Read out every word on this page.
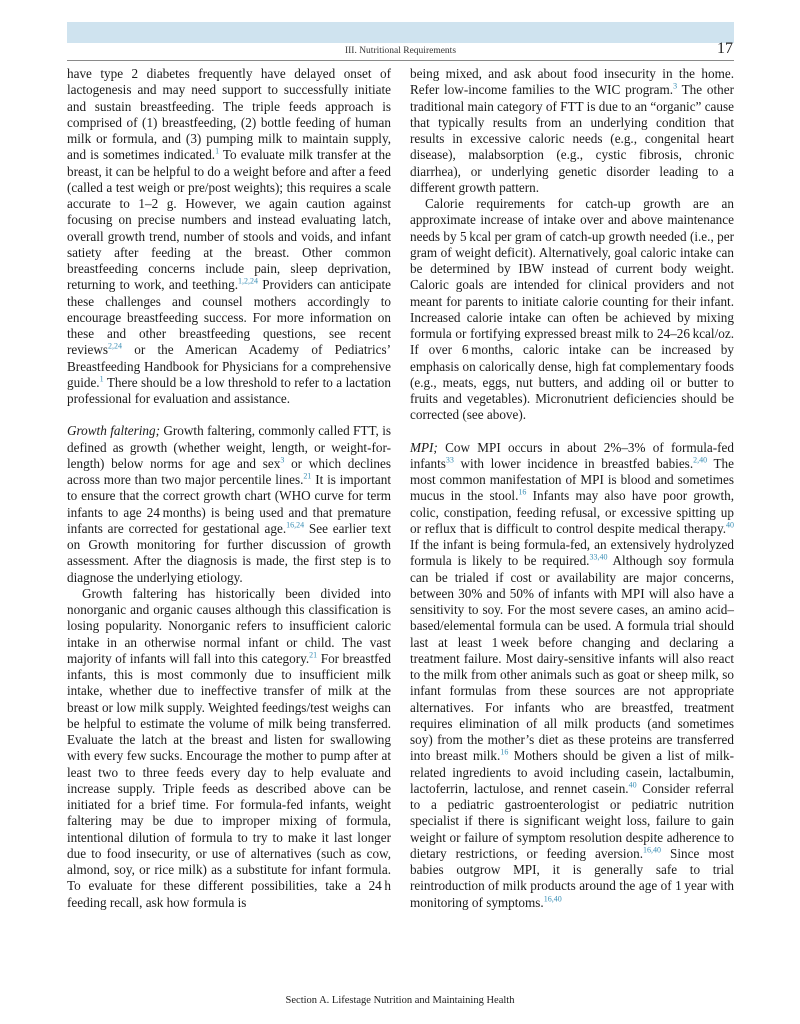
III. Nutritional Requirements	17

have type 2 diabetes frequently have delayed onset of lactogenesis and may need support to successfully initiate and sustain breastfeeding. The triple feeds approach is comprised of (1) breastfeeding, (2) bottle feeding of human milk or formula, and (3) pumping milk to maintain supply, and is sometimes indicated.$^1$ To evaluate milk transfer at the breast, it can be helpful to do a weight before and after a feed (called a test weigh or pre/post weights); this requires a scale accurate to 1–2 g. However, we again caution against focusing on precise numbers and instead evaluating latch, overall growth trend, number of stools and voids, and infant satiety after feeding at the breast. Other common breastfeeding concerns include pain, sleep deprivation, returning to work, and teething.$^{1,2,24}$ Providers can anticipate these challenges and counsel mothers accordingly to encourage breastfeeding success. For more information on these and other breastfeeding questions, see recent reviews$^{2,24}$ or the American Academy of Pediatrics’ Breastfeeding Handbook for Physicians for a comprehensive guide.$^1$ There should be a low threshold to refer to a lactation professional for evaluation and assistance.

Growth faltering; Growth faltering, commonly called FTT, is defined as growth (whether weight, length, or weight-for-length) below norms for age and sex$^3$ or which declines across more than two major percentile lines.$^{21}$ It is important to ensure that the correct growth chart (WHO curve for term infants to age 24 months) is being used and that premature infants are corrected for gestational age.$^{16,24}$ See earlier text on Growth monitoring for further discussion of growth assessment. After the diagnosis is made, the first step is to diagnose the underlying etiology.

Growth faltering has historically been divided into nonorganic and organic causes although this classification is losing popularity. Nonorganic refers to insufficient caloric intake in an otherwise normal infant or child. The vast majority of infants will fall into this category.$^{21}$ For breastfed infants, this is most commonly due to insufficient milk intake, whether due to ineffective transfer of milk at the breast or low milk supply. Weighted feedings/test weighs can be helpful to estimate the volume of milk being transferred. Evaluate the latch at the breast and listen for swallowing with every few sucks. Encourage the mother to pump after at least two to three feeds every day to help evaluate and increase supply. Triple feeds as described above can be initiated for a brief time. For formula-fed infants, weight faltering may be due to improper mixing of formula, intentional dilution of formula to try to make it last longer due to food insecurity, or use of alternatives (such as cow, almond, soy, or rice milk) as a substitute for infant formula. To evaluate for these different possibilities, take a 24 h feeding recall, ask how formula is

being mixed, and ask about food insecurity in the home. Refer low-income families to the WIC program.$^3$ The other traditional main category of FTT is due to an “organic” cause that typically results from an underlying condition that results in excessive caloric needs (e.g., congenital heart disease), malabsorption (e.g., cystic fibrosis, chronic diarrhea), or underlying genetic disorder leading to a different growth pattern.

Calorie requirements for catch-up growth are an approximate increase of intake over and above maintenance needs by 5 kcal per gram of catch-up growth needed (i.e., per gram of weight deficit). Alternatively, goal caloric intake can be determined by IBW instead of current body weight. Caloric goals are intended for clinical providers and not meant for parents to initiate calorie counting for their infant. Increased calorie intake can often be achieved by mixing formula or fortifying expressed breast milk to 24–26 kcal/oz. If over 6 months, caloric intake can be increased by emphasis on calorically dense, high fat complementary foods (e.g., meats, eggs, nut butters, and adding oil or butter to fruits and vegetables). Micronutrient deficiencies should be corrected (see above).

MPI; Cow MPI occurs in about 2%–3% of formula-fed infants$^{33}$ with lower incidence in breastfed babies.$^{2,40}$ The most common manifestation of MPI is blood and sometimes mucus in the stool.$^{16}$ Infants may also have poor growth, colic, constipation, feeding refusal, or excessive spitting up or reflux that is difficult to control despite medical therapy.$^{40}$ If the infant is being formula-fed, an extensively hydrolyzed formula is likely to be required.$^{33,40}$ Although soy formula can be trialed if cost or availability are major concerns, between 30% and 50% of infants with MPI will also have a sensitivity to soy. For the most severe cases, an amino acid–based/elemental formula can be used. A formula trial should last at least 1 week before changing and declaring a treatment failure. Most dairy-sensitive infants will also react to the milk from other animals such as goat or sheep milk, so infant formulas from these sources are not appropriate alternatives. For infants who are breastfed, treatment requires elimination of all milk products (and sometimes soy) from the mother’s diet as these proteins are transferred into breast milk.$^{16}$ Mothers should be given a list of milk-related ingredients to avoid including casein, lactalbumin, lactoferrin, lactulose, and rennet casein.$^{40}$ Consider referral to a pediatric gastroenterologist or pediatric nutrition specialist if there is significant weight loss, failure to gain weight or failure of symptom resolution despite adherence to dietary restrictions, or feeding aversion.$^{16,40}$ Since most babies outgrow MPI, it is generally safe to trial reintroduction of milk products around the age of 1 year with monitoring of symptoms.$^{16,40}$

Section A. Lifestage Nutrition and Maintaining Health
